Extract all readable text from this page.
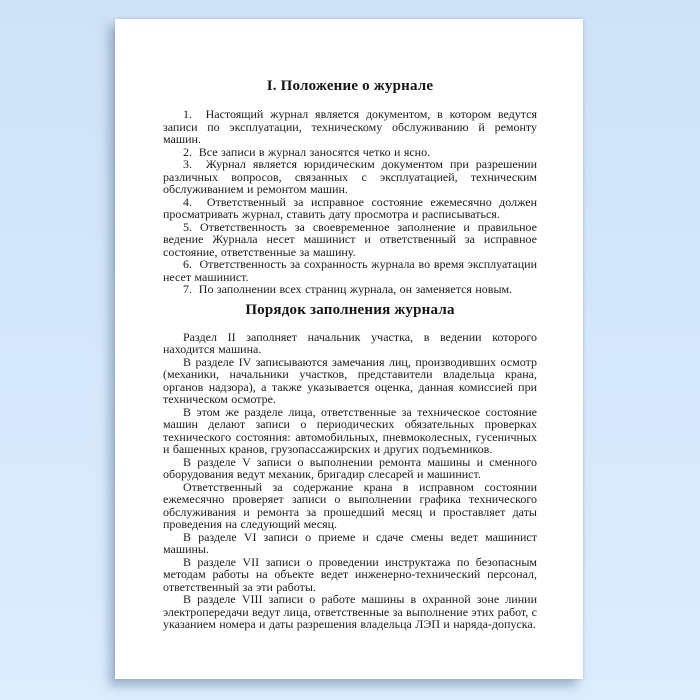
I. Положение о журнале

1.  Настоящий журнал является документом, в котором ведутся записи по эксплуатации, техническому обслуживанию й ремонту машин.

2.  Все записи в журнал заносятся четко и ясно.

3.  Журнал является юридическим документом при разрешении различных вопросов, связанных с эксплуатацией, техническим обслуживанием и ремонтом машин.

4.  Ответственный за исправное состояние ежемесячно должен просматривать журнал, ставить дату просмотра и расписываться.

5. Ответственность за своевременное заполнение и правильное ведение Журнала несет машинист и ответственный за исправное состояние, ответственные за машину.

6.  Ответственность за сохранность журнала во время эксплуатации несет машинист.

7.  По заполнении всех страниц журнала, он заменяется новым.

Порядок заполнения журнала

Раздел II заполняет начальник участка, в ведении которого находится машина.

В разделе IV записываются замечания лиц, производивших осмотр (механики, начальники участков, представители владельца крана, органов надзора), а также указывается оценка, данная комиссией при техническом осмотре.

В этом же разделе лица, ответственные за техническое состояние машин делают записи о периодических обязательных проверках технического состояния: автомобильных, пневмоколесных, гусеничных и башенных кранов, грузопассажирских и других подъемников.

В разделе V записи о выполнении ремонта машины и сменного оборудования ведут механик, бригадир слесарей и машинист.

Ответственный за содержание крана в исправном состоянии ежемесячно проверяет записи о выполнении графика технического обслуживания и ремонта за прошедший месяц и проставляет даты проведения на следующий месяц.

В разделе VI записи о приеме и сдаче смены ведет машинист машины.

В разделе VII записи о проведении инструктажа по безопасным методам работы на объекте ведет инженерно-технический персонал, ответственный за эти работы.

В разделе VIII записи о работе машины в охранной зоне линии электропередачи ведут лица, ответственные за выполнение этих работ, с указанием номера и даты разрешения владельца ЛЭП и наряда-допуска.
